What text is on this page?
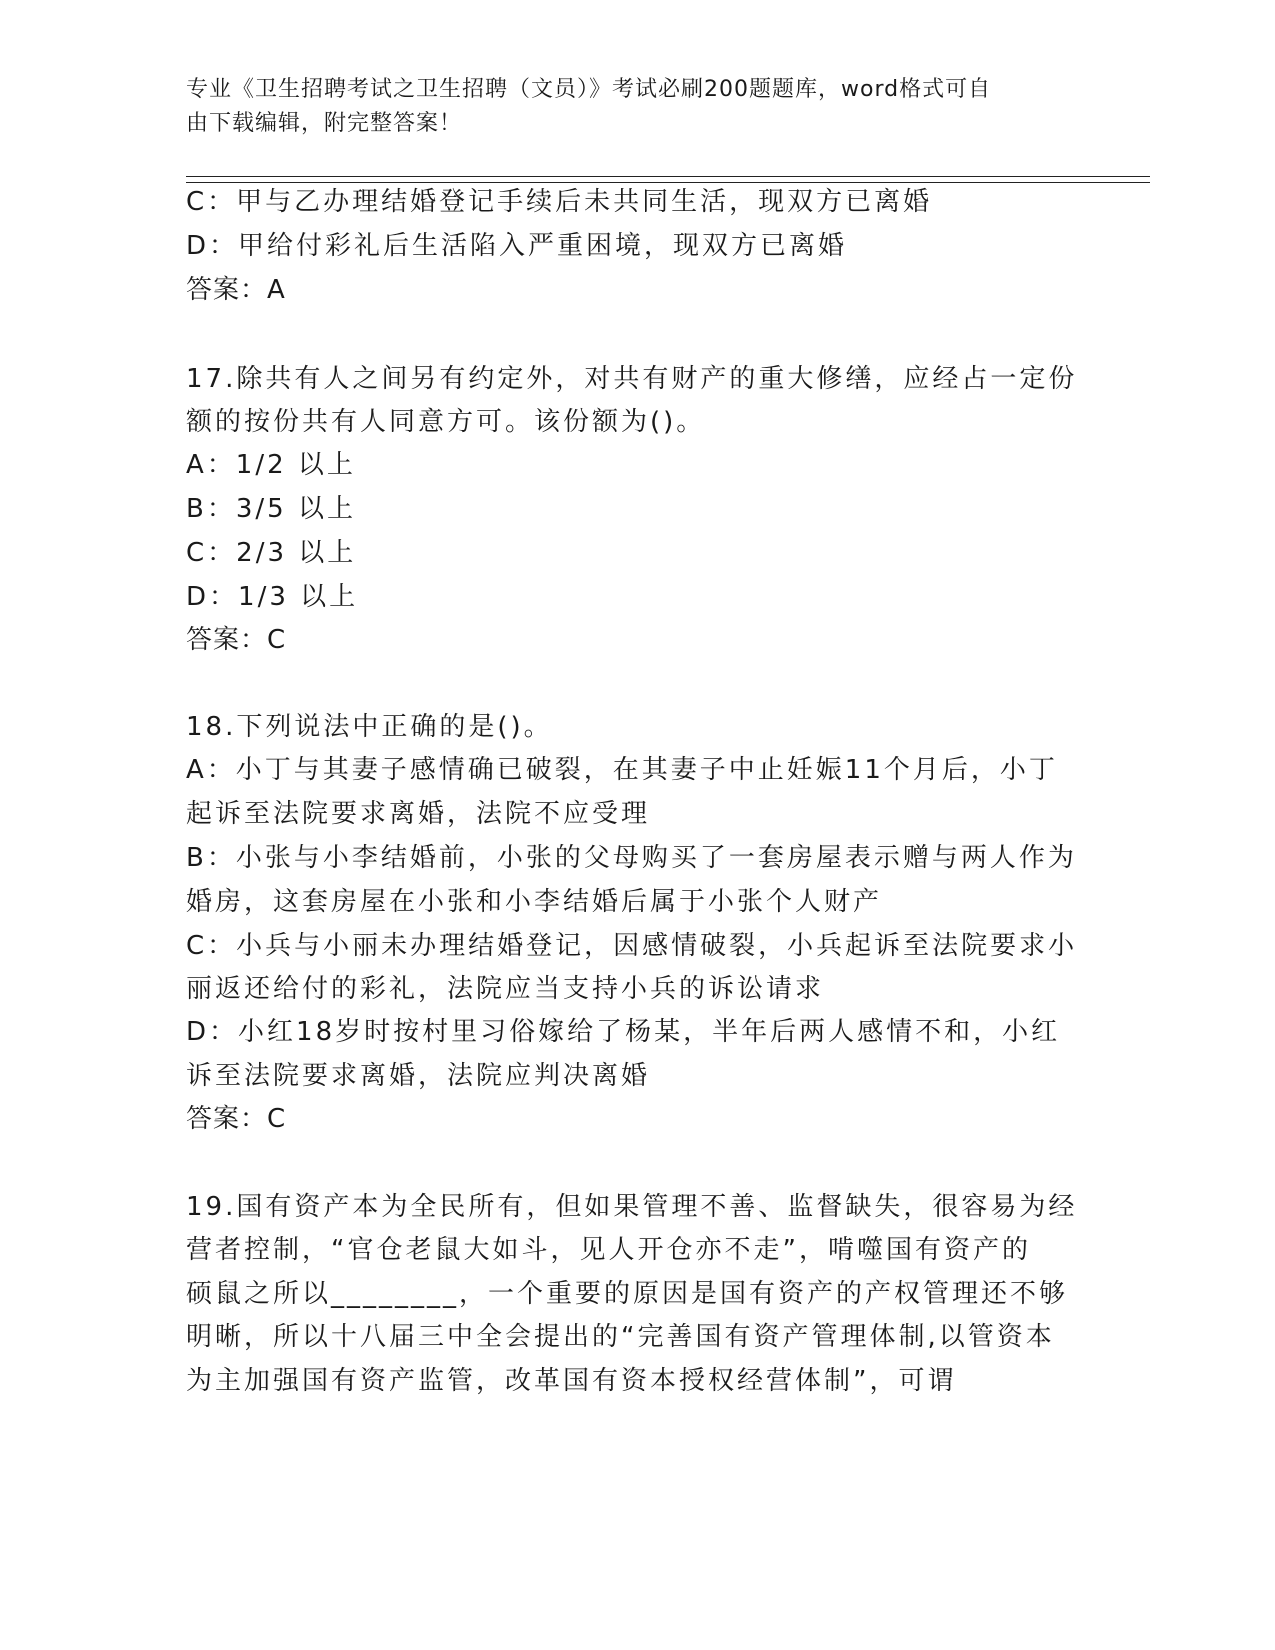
专业《卫生招聘考试之卫生招聘（文员）》考试必刷200题题库，word格式可自
由下载编辑，附完整答案！
C：甲与乙办理结婚登记手续后未共同生活，现双方已离婚
D：甲给付彩礼后生活陷入严重困境，现双方已离婚
答案：A
17.除共有人之间另有约定外，对共有财产的重大修缮，应经占一定份
额的按份共有人同意方可。该份额为()。
A：1/2 以上
B：3/5 以上
C：2/3 以上
D：1/3 以上
答案：C
18.下列说法中正确的是()。
A：小丁与其妻子感情确已破裂，在其妻子中止妊娠11个月后，小丁
起诉至法院要求离婚，法院不应受理
B：小张与小李结婚前，小张的父母购买了一套房屋表示赠与两人作为
婚房，这套房屋在小张和小李结婚后属于小张个人财产
C：小兵与小丽未办理结婚登记，因感情破裂，小兵起诉至法院要求小
丽返还给付的彩礼，法院应当支持小兵的诉讼请求
D：小红18岁时按村里习俗嫁给了杨某，半年后两人感情不和，小红
诉至法院要求离婚，法院应判决离婚
答案：C
19.国有资产本为全民所有，但如果管理不善、监督缺失，很容易为经
营者控制，“官仓老鼠大如斗，见人开仓亦不走”，啃噬国有资产的
硕鼠之所以________，一个重要的原因是国有资产的产权管理还不够
明晰，所以十八届三中全会提出的“完善国有资产管理体制,以管资本
为主加强国有资产监管，改革国有资本授权经营体制”，可谓
